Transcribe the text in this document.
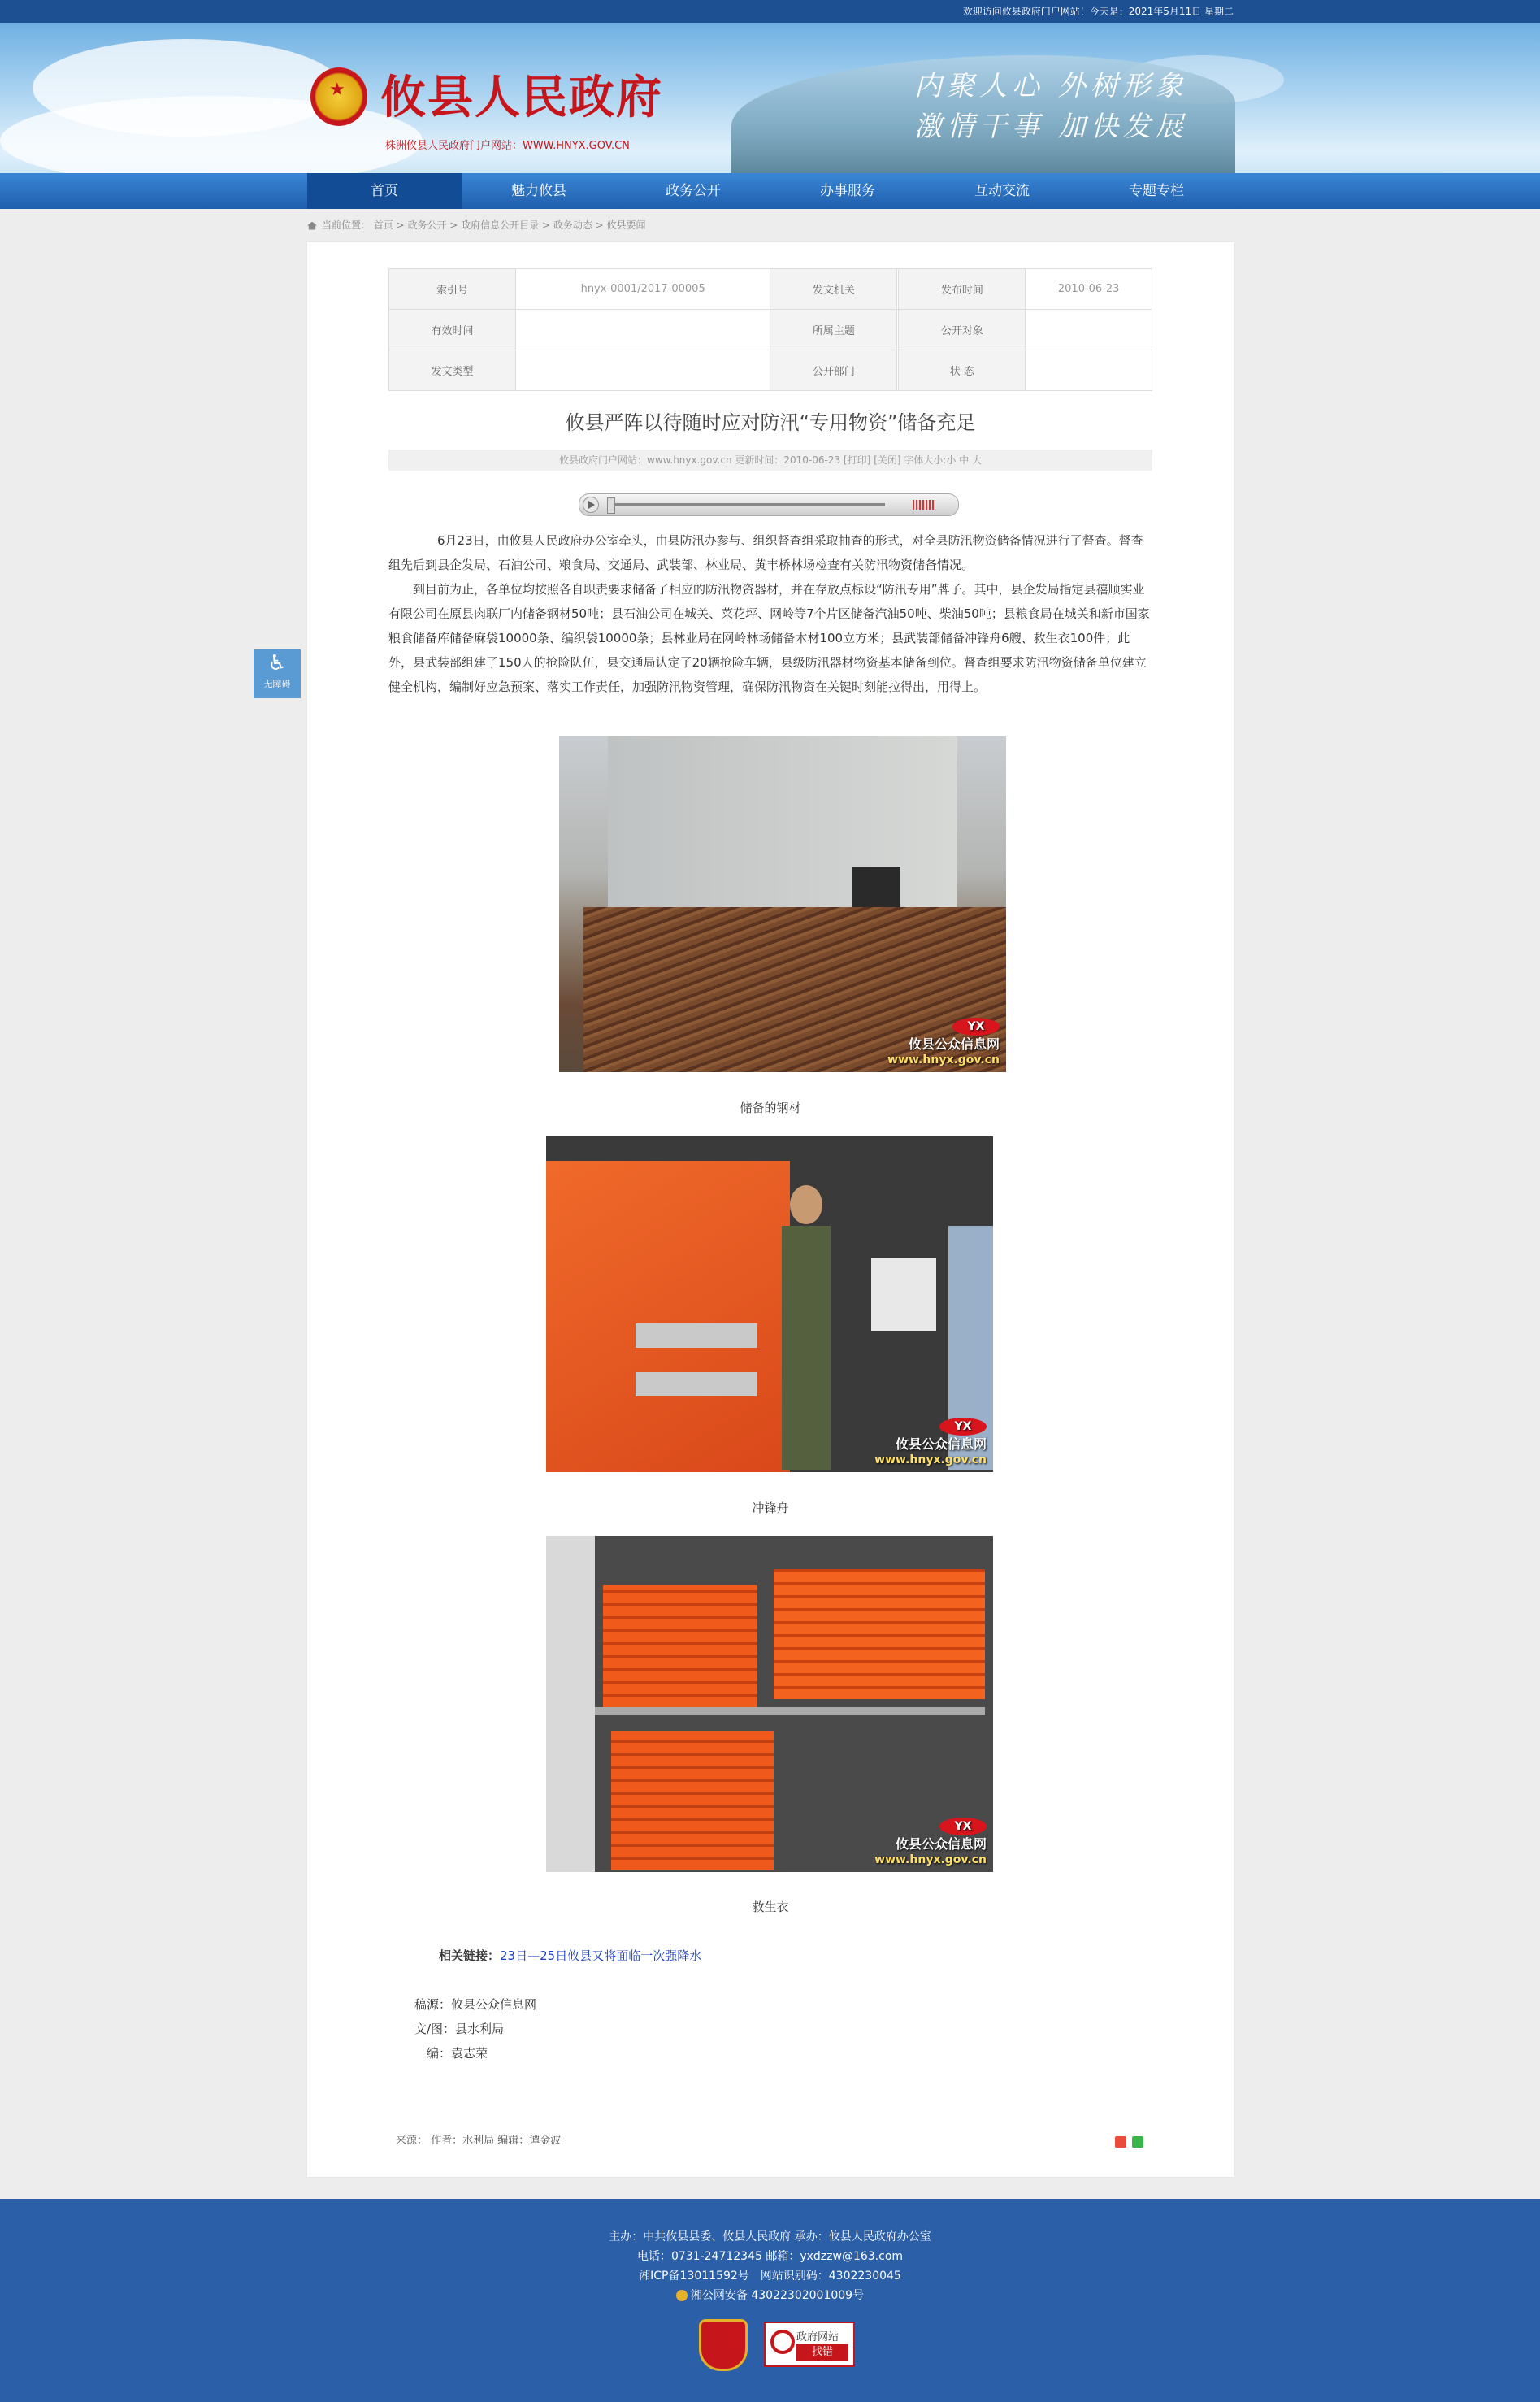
欢迎访问攸县政府门户网站！今天是：2021年5月11日 星期二
★ 攸县人民政府
株洲攸县人民政府门户网站：WWW.HNYX.GOV.CN
内聚人心 外树形象
激情干事 加快发展
首页	魅力攸县	政务公开	办事服务	互动交流	专题专栏
当前位置： 首页 > 政务公开 > 政府信息公开目录 > 政务动态 > 攸县要闻
♿
无障碍
索引号	hnyx-0001/2017-00005	发文机关		发布时间	2010-06-23
有效时间		所属主题		公开对象	
发文类型		公开部门		状 态	
攸县严阵以待随时应对防汛“专用物资”储备充足
攸县政府门户网站：www.hnyx.gov.cn 更新时间：2010-06-23 [打印] [关闭] 字体大小:小 中 大

6月23日，由攸县人民政府办公室牵头，由县防汛办参与、组织督查组采取抽查的形式，对全县防汛物资储备情况进行了督查。督查组先后到县企发局、石油公司、粮食局、交通局、武装部、林业局、黄丰桥林场检查有关防汛物资储备情况。

到目前为止，各单位均按照各自职责要求储备了相应的防汛物资器材，并在存放点标设“防汛专用”牌子。其中，县企发局指定县禧顺实业有限公司在原县肉联厂内储备钢材50吨；县石油公司在城关、菜花坪、网岭等7个片区储备汽油50吨、柴油50吨；县粮食局在城关和新市国家粮食储备库储备麻袋10000条、编织袋10000条；县林业局在网岭林场储备木材100立方米；县武装部储备冲锋舟6艘、救生衣100件；此外，县武装部组建了150人的抢险队伍，县交通局认定了20辆抢险车辆，县级防汛器材物资基本储备到位。督查组要求防汛物资储备单位建立健全机构，编制好应急预案、落实工作责任，加强防汛物资管理，确保防汛物资在关键时刻能拉得出，用得上。

YX
攸县公众信息网
www.hnyx.gov.cn
储备的钢材
YX
攸县公众信息网
www.hnyx.gov.cn
冲锋舟
YX
攸县公众信息网
www.hnyx.gov.cn
救生衣
相关链接：23日—25日攸县又将面临一次强降水
稿源：攸县公众信息网
文/图：县水利局
编：袁志荣
来源： 作者：水利局 编辑：谭金波
主办：中共攸县县委、攸县人民政府 承办：攸县人民政府办公室
电话：0731-24712345 邮箱：yxdzzw@163.com
湘ICP备13011592号　网站识别码：4302230045
湘公网安备 43022302001009号
政府网站
找错
